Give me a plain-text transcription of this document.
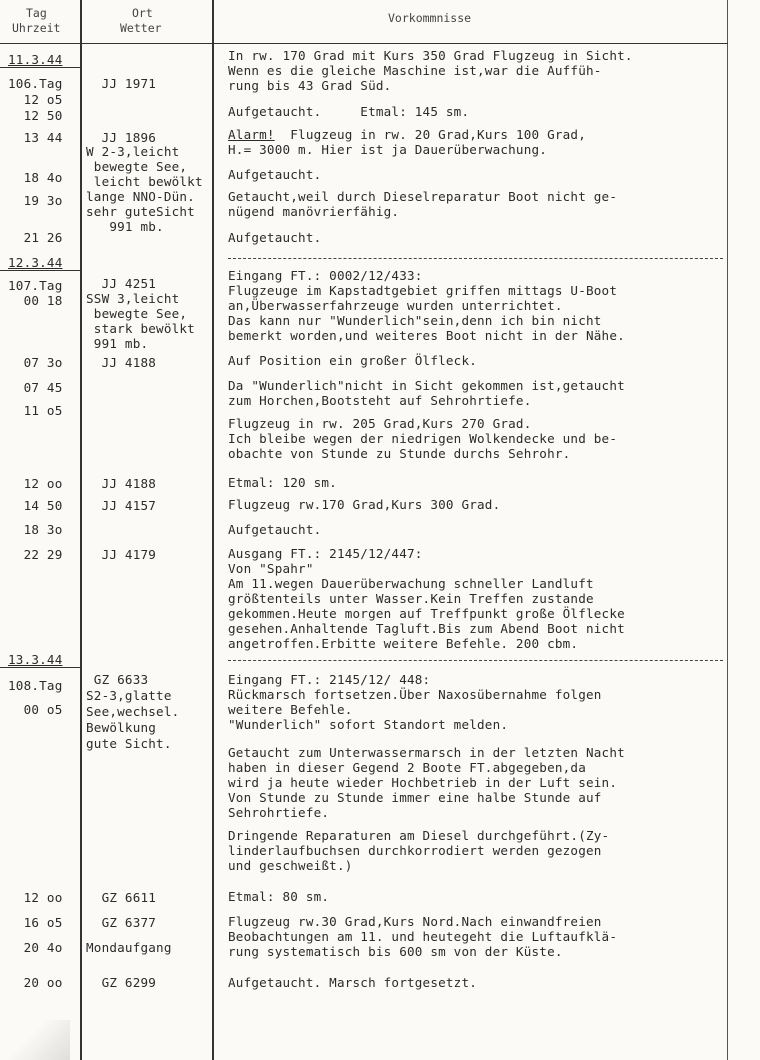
Tag
Uhrzeit
Ort
Wetter
Vorkommnisse
11.3.44
106.Tag
12 o5
12 50
13 44
18 4o
19 3o
21 26
12.3.44
107.Tag
00 18
07 3o
07 45
11 o5
12 oo
14 50
18 3o
22 29
13.3.44
108.Tag
00 o5
12 oo
16 o5
20 4o
20 oo
JJ 1971
JJ 1896
W 2-3,leicht
bewegte See,
leicht bewölkt
lange NNO-Dün.
sehr guteSicht
991 mb.
JJ 4251
SSW 3,leicht
bewegte See,
stark bewölkt
991 mb.
JJ 4188
JJ 4188
JJ 4157
JJ 4179
GZ 6633
S2-3,glatte
See,wechsel.
Bewölkung
gute Sicht.
GZ 6611
GZ 6377
Mondaufgang
GZ 6299
In rw. 170 Grad mit Kurs 350 Grad Flugzeug in Sicht.
Wenn es die gleiche Maschine ist,war die Auffüh-
rung bis 43 Grad Süd.
Aufgetaucht.     Etmal: 145 sm.
Alarm!  Flugzeug in rw. 20 Grad,Kurs 100 Grad,
H.= 3000 m. Hier ist ja Dauerüberwachung.
Aufgetaucht.
Getaucht,weil durch Dieselreparatur Boot nicht ge-
nügend manövrierfähig.
Aufgetaucht.
Eingang FT.: 0002/12/433:
Flugzeuge im Kapstadtgebiet griffen mittags U-Boot
an,Überwasserfahrzeuge wurden unterrichtet.
Das kann nur "Wunderlich"sein,denn ich bin nicht
bemerkt worden,und weiteres Boot nicht in der Nähe.
Auf Position ein großer Ölfleck.
Da "Wunderlich"nicht in Sicht gekommen ist,getaucht
zum Horchen,Bootsteht auf Sehrohrtiefe.
Flugzeug in rw. 205 Grad,Kurs 270 Grad.
Ich bleibe wegen der niedrigen Wolkendecke und be-
obachte von Stunde zu Stunde durchs Sehrohr.
Etmal: 120 sm.
Flugzeug rw.170 Grad,Kurs 300 Grad.
Aufgetaucht.
Ausgang FT.: 2145/12/447:
Von "Spahr"
Am 11.wegen Dauerüberwachung schneller Landluft
größtenteils unter Wasser.Kein Treffen zustande
gekommen.Heute morgen auf Treffpunkt große Ölflecke
gesehen.Anhaltende Tagluft.Bis zum Abend Boot nicht
angetroffen.Erbitte weitere Befehle. 200 cbm.
Eingang FT.: 2145/12/ 448:
Rückmarsch fortsetzen.Über Naxosübernahme folgen
weitere Befehle.
"Wunderlich" sofort Standort melden.
Getaucht zum Unterwassermarsch in der letzten Nacht
haben in dieser Gegend 2 Boote FT.abgegeben,da
wird ja heute wieder Hochbetrieb in der Luft sein.
Von Stunde zu Stunde immer eine halbe Stunde auf
Sehrohrtiefe.
Dringende Reparaturen am Diesel durchgeführt.(Zy-
linderlaufbuchsen durchkorrodiert werden gezogen
und geschweißt.)
Etmal: 80 sm.
Flugzeug rw.30 Grad,Kurs Nord.Nach einwandfreien
Beobachtungen am 11. und heutegeht die Luftaufklä-
rung systematisch bis 600 sm von der Küste.
Aufgetaucht. Marsch fortgesetzt.
